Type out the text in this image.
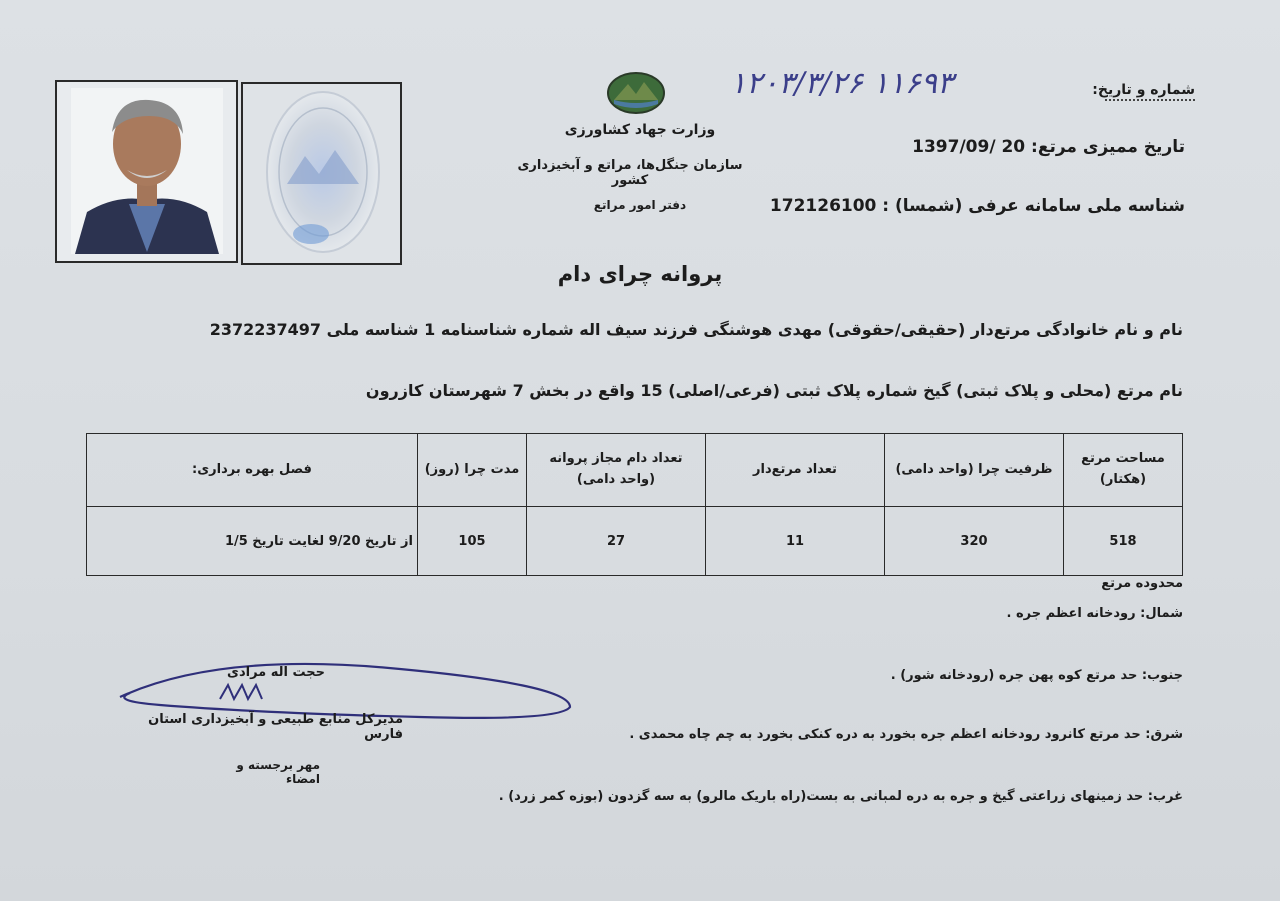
وزارت جهاد کشاورزی
سازمان جنگل‌ها، مراتع و آبخیزداری کشور
دفتر امور مراتع
شماره و تاریخ:
۱۲۰۳/۳/۲۶ ۱۱۶۹۳
تاریخ ممیزی مرتع: 20 /1397/09
شناسه ملی سامانه عرفی (شمسا) : 172126100
پروانه چرای دام
نام و نام خانوادگی مرتع‌دار (حقیقی/حقوقی) مهدی هوشنگی فرزند سیف اله شماره شناسنامه 1 شناسه ملی 2372237497
نام مرتع (محلی و پلاک ثبتی) گیخ شماره پلاک ثبتی (فرعی/اصلی) 15 واقع در بخش 7 شهرستان کازرون
مساحت مرتع (هکتار)	ظرفیت چرا (واحد دامی)	تعداد مرتع‌دار	تعداد دام مجاز پروانه (واحد دامی)	مدت چرا (روز)	فصل بهره برداری:
518	320	11	27	105	از تاریخ 9/20 لغایت تاریخ 1/5
محدوده مرتع
شمال: رودخانه اعظم جره .
جنوب: حد مرتع کوه پهن جره (رودخانه شور) .
شرق: حد مرتع کانرود رودخانه اعظم جره بخورد به دره کنکی بخورد به چم چاه محمدی .
غرب: حد زمینهای زراعتی گیخ و جره به دره لمبانی به بست(راه باریک مالرو) به سه گزدون (بوزه کمر زرد) .
حجت اله مرادی
مدیرکل منابع طبیعی و آبخیزداری استان فارس
مهر برجسته و امضاء
